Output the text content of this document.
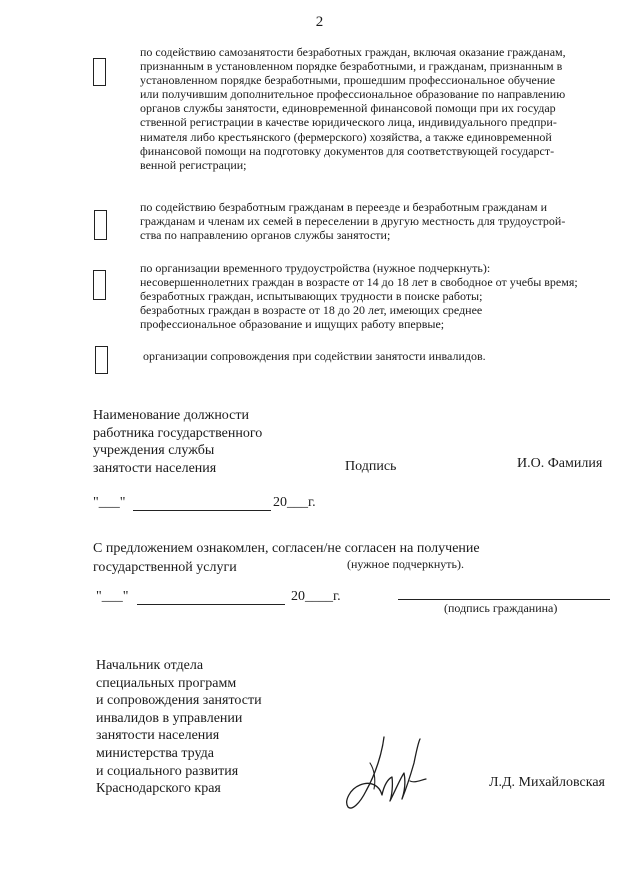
2
по содействию самозанятости безработных граждан, включая оказание гражданам,
признанным в установленном порядке безработными, и гражданам, признанным в
установленном порядке безработными, прошедшим профессиональное обучение
или получившим дополнительное профессиональное образование по направлению
органов службы занятости, единовременной финансовой помощи при их государ
ственной регистрации в качестве юридического лица, индивидуального предпри-
нимателя либо крестьянского (фермерского) хозяйства, а также единовременной
финансовой помощи на подготовку документов для соответствующей государст-
венной регистрации;
по содействию безработным гражданам в переезде и безработным гражданам и
гражданам и членам их семей в переселении в другую местность для трудоустрой-
ства по направлению органов службы занятости;
по организации временного трудоустройства (нужное подчеркнуть):
несовершеннолетних граждан в возрасте от 14 до 18 лет в свободное от учебы время;
безработных граждан, испытывающих трудности в поиске работы;
безработных граждан в возрасте от 18 до 20 лет, имеющих среднее
профессиональное образование и ищущих работу впервые;
организации сопровождения при содействии занятости инвалидов.
Наименование должности
работника государственного
учреждения службы
занятости населения	Подпись	И.О. Фамилия
"___"	20___г.
С предложением ознакомлен, согласен/не согласен на получение
государственной услуги	(нужное подчеркнуть).
"___"	20____г.
(подпись гражданина)
Начальник отдела
специальных программ
и сопровождения занятости
инвалидов в управлении
занятости населения
министерства труда
и социального развития
Краснодарского края	Л.Д. Михайловская
